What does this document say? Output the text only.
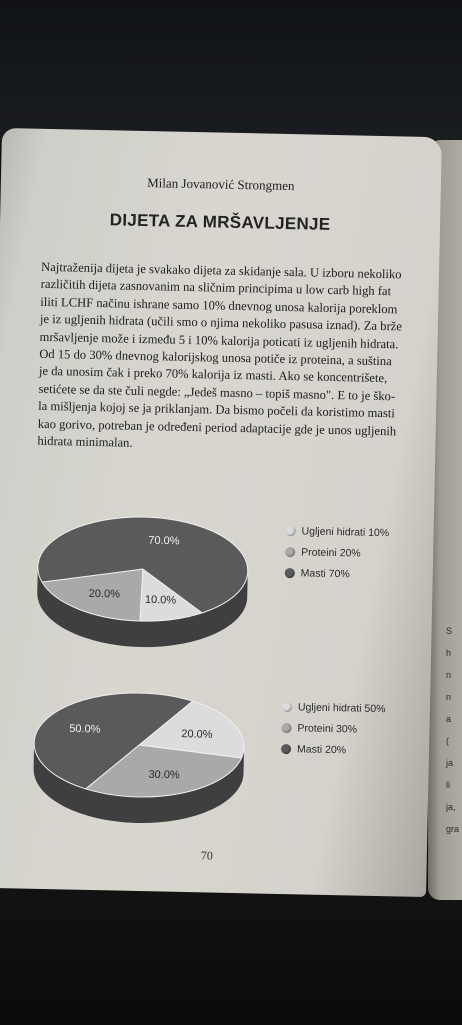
Milan Jovanović Strongmen
DIJETA ZA MRŠAVLJENJE

Najtraženija dijeta je svakako dijeta za skidanje sala. U izboru nekoliko

različitih dijeta zasnovanim na sličnim principima u low carb high fat

iliti LCHF načinu ishrane samo 10% dnevnog unosa kalorija poreklom

je iz ugljenih hidrata (učili smo o njima nekoliko pasusa iznad). Za brže

mršavljenje može i između 5 i 10% kalorija poticati iz ugljenih hidrata.

Od 15 do 30% dnevnog kalorijskog unosa potiče iz proteina, a suština

je da unosim čak i preko 70% kalorija iz masti. Ako se koncentrišete,

setićete se da ste čuli negde: „Jedeš masno – topiš masno". E to je ško-

la mišljenja kojoj se ja priklanjam. Da bismo počeli da koristimo masti

kao gorivo, potreban je određeni period adaptacije gde je unos ugljenih

hidrata minimalan.

10.0%
20.0%
70.0%
Ugljeni hidrati 10%
Proteini 20%
Masti 70%
20.0%
30.0%
50.0%
Ugljeni hidrati 50%
Proteini 30%
Masti 20%
70
S
h
n
n
a
(
ja
li
ja,
gra
